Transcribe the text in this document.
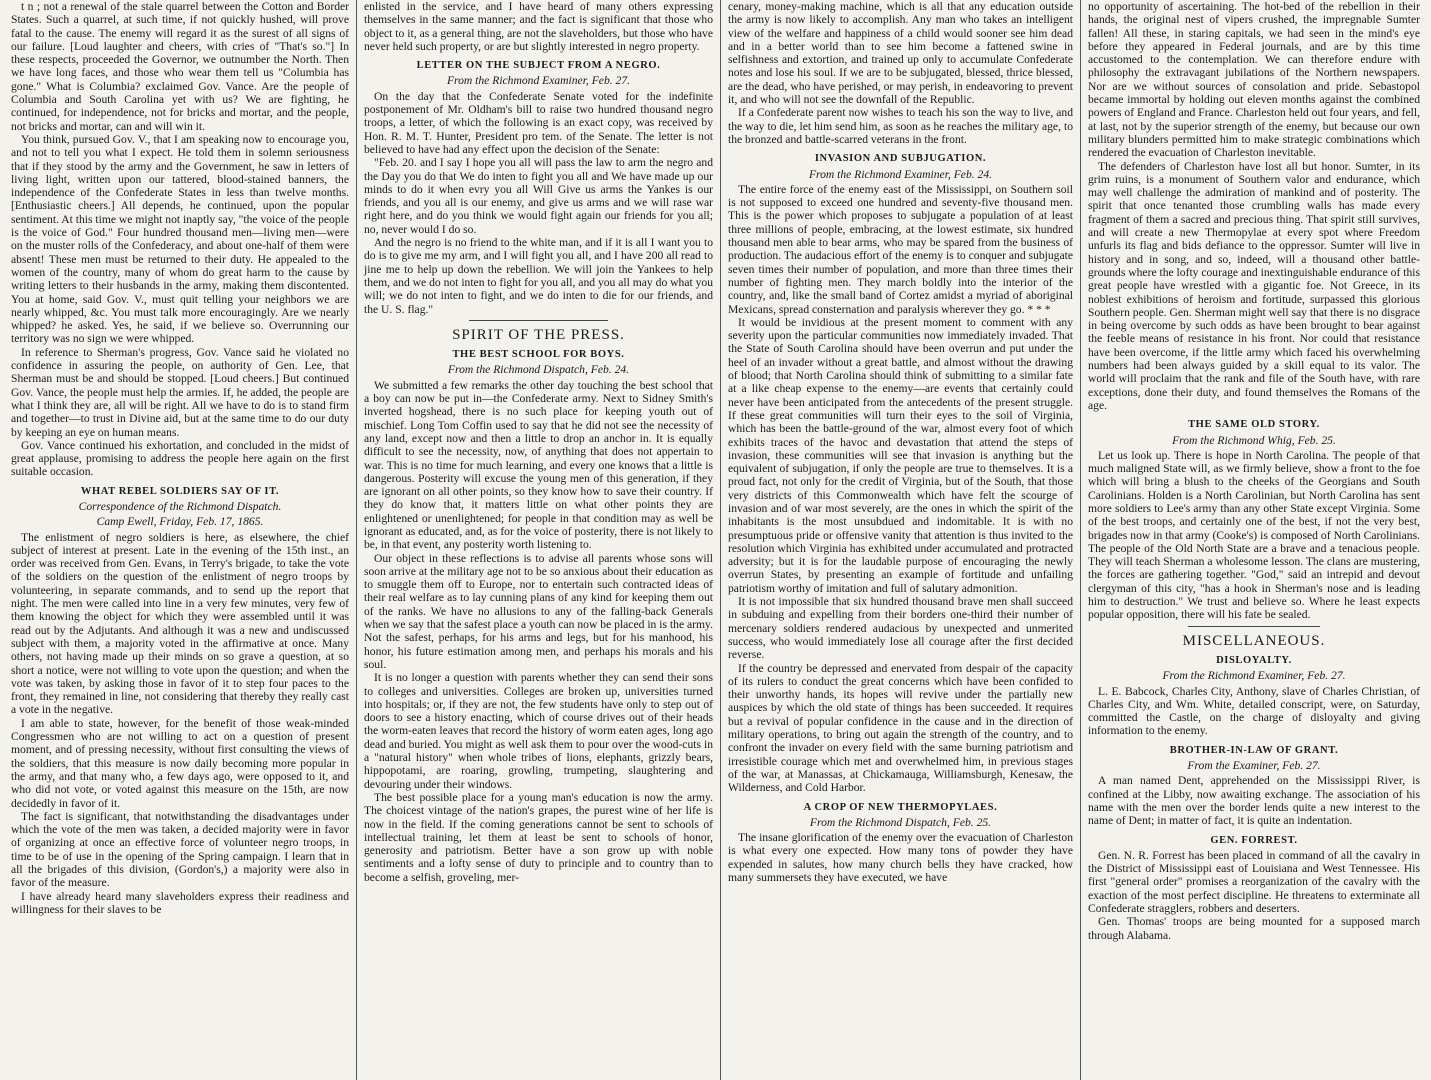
t n ; not a renewal of the stale quarrel between the Cotton and Border States. Such a quarrel, at such time, if not quickly hushed, will prove fatal to the cause. The enemy will regard it as the surest of all signs of our failure. [Loud laughter and cheers, with cries of "That's so."] In these respects, proceeded the Governor, we outnumber the North. Then we have long faces, and those who wear them tell us "Columbia has gone." What is Columbia? exclaimed Gov. Vance. Are the people of Columbia and South Carolina yet with us? We are fighting, he continued, for independence, not for bricks and mortar, and the people, not bricks and mortar, can and will win it.

You think, pursued Gov. V., that I am speaking now to encourage you, and not to tell you what I expect. He told them in solemn seriousness that if they stood by the army and the Government, he saw in letters of living light, written upon our tattered, blood-stained banners, the independence of the Confederate States in less than twelve months. [Enthusiastic cheers.] All depends, he continued, upon the popular sentiment. At this time we might not inaptly say, "the voice of the people is the voice of God." Four hundred thousand men—living men—were on the muster rolls of the Confederacy, and about one-half of them were absent! These men must be returned to their duty. He appealed to the women of the country, many of whom do great harm to the cause by writing letters to their husbands in the army, making them discontented. You at home, said Gov. V., must quit telling your neighbors we are nearly whipped, &c. You must talk more encouragingly. Are we nearly whipped? he asked. Yes, he said, if we believe so. Overrunning our territory was no sign we were whipped.

In reference to Sherman's progress, Gov. Vance said he violated no confidence in assuring the people, on authority of Gen. Lee, that Sherman must be and should be stopped. [Loud cheers.] But continued Gov. Vance, the people must help the armies. If, he added, the people are what I think they are, all will be right. All we have to do is to stand firm and together—to trust in Divine aid, but at the same time to do our duty by keeping an eye on human means.

Gov. Vance continued his exhortation, and concluded in the midst of great applause, promising to address the people here again on the first suitable occasion.

WHAT REBEL SOLDIERS SAY OF IT.
Correspondence of the Richmond Dispatch.
Camp Ewell, Friday, Feb. 17, 1865.

The enlistment of negro soldiers is here, as elsewhere, the chief subject of interest at present. Late in the evening of the 15th inst., an order was received from Gen. Evans, in Terry's brigade, to take the vote of the soldiers on the question of the enlistment of negro troops by volunteering, in separate commands, and to send up the report that night. The men were called into line in a very few minutes, very few of them knowing the object for which they were assembled until it was read out by the Adjutants. And although it was a new and undiscussed subject with them, a majority voted in the affirmative at once. Many others, not having made up their minds on so grave a question, at so short a notice, were not willing to vote upon the question; and when the vote was taken, by asking those in favor of it to step four paces to the front, they remained in line, not considering that thereby they really cast a vote in the negative.

I am able to state, however, for the benefit of those weak-minded Congressmen who are not willing to act on a question of present moment, and of pressing necessity, without first consulting the views of the soldiers, that this measure is now daily becoming more popular in the army, and that many who, a few days ago, were opposed to it, and who did not vote, or voted against this measure on the 15th, are now decidedly in favor of it.

The fact is significant, that notwithstanding the disadvantages under which the vote of the men was taken, a decided majority were in favor of organizing at once an effective force of volunteer negro troops, in time to be of use in the opening of the Spring campaign. I learn that in all the brigades of this division, (Gordon's,) a majority were also in favor of the measure.

I have already heard many slaveholders express their readiness and willingness for their slaves to be

enlisted in the service, and I have heard of many others expressing themselves in the same manner; and the fact is significant that those who object to it, as a general thing, are not the slaveholders, but those who have never held such property, or are but slightly interested in negro property.

LETTER ON THE SUBJECT FROM A NEGRO.
From the Richmond Examiner, Feb. 27.

On the day that the Confederate Senate voted for the indefinite postponement of Mr. Oldham's bill to raise two hundred thousand negro troops, a letter, of which the following is an exact copy, was received by Hon. R. M. T. Hunter, President pro tem. of the Senate. The letter is not believed to have had any effect upon the decision of the Senate:

"Feb. 20. and I say I hope you all will pass the law to arm the negro and the Day you do that We do inten to fight you all and We have made up our minds to do it when evry you all Will Give us arms the Yankes is our friends, and you all is our enemy, and give us arms and we will rase war right here, and do you think we would fight again our friends for you all; no, never would I do so.

And the negro is no friend to the white man, and if it is all I want you to do is to give me my arm, and I will fight you all, and I have 200 all read to jine me to help up down the rebellion. We will join the Yankees to help them, and we do not inten to fight for you all, and you all may do what you will; we do not inten to fight, and we do inten to die for our friends, and the U. S. flag."

SPIRIT OF THE PRESS.
THE BEST SCHOOL FOR BOYS.
From the Richmond Dispatch, Feb. 24.

We submitted a few remarks the other day touching the best school that a boy can now be put in—the Confederate army. Next to Sidney Smith's inverted hogshead, there is no such place for keeping youth out of mischief. Long Tom Coffin used to say that he did not see the necessity of any land, except now and then a little to drop an anchor in. It is equally difficult to see the necessity, now, of anything that does not appertain to war. This is no time for much learning, and every one knows that a little is dangerous. Posterity will excuse the young men of this generation, if they are ignorant on all other points, so they know how to save their country. If they do know that, it matters little on what other points they are enlightened or unenlightened; for people in that condition may as well be ignorant as educated, and, as for the voice of posterity, there is not likely to be, in that event, any posterity worth listening to.

Our object in these reflections is to advise all parents whose sons will soon arrive at the military age not to be so anxious about their education as to smuggle them off to Europe, nor to entertain such contracted ideas of their real welfare as to lay cunning plans of any kind for keeping them out of the ranks. We have no allusions to any of the falling-back Generals when we say that the safest place a youth can now be placed in is the army. Not the safest, perhaps, for his arms and legs, but for his manhood, his honor, his future estimation among men, and perhaps his morals and his soul.

It is no longer a question with parents whether they can send their sons to colleges and universities. Colleges are broken up, universities turned into hospitals; or, if they are not, the few students have only to step out of doors to see a history enacting, which of course drives out of their heads the worm-eaten leaves that record the history of worm eaten ages, long ago dead and buried. You might as well ask them to pour over the wood-cuts in a "natural history" when whole tribes of lions, elephants, grizzly bears, hippopotami, are roaring, growling, trumpeting, slaughtering and devouring under their windows.

The best possible place for a young man's education is now the army. The choicest vintage of the nation's grapes, the purest wine of her life is now in the field. If the coming generations cannot be sent to schools of intellectual training, let them at least be sent to schools of honor, generosity and patriotism. Better have a son grow up with noble sentiments and a lofty sense of duty to principle and to country than to become a selfish, groveling, mer-

cenary, money-making machine, which is all that any education outside the army is now likely to accomplish. Any man who takes an intelligent view of the welfare and happiness of a child would sooner see him dead and in a better world than to see him become a fattened swine in selfishness and extortion, and trained up only to accumulate Confederate notes and lose his soul. If we are to be subjugated, blessed, thrice blessed, are the dead, who have perished, or may perish, in endeavoring to prevent it, and who will not see the downfall of the Republic.

If a Confederate parent now wishes to teach his son the way to live, and the way to die, let him send him, as soon as he reaches the military age, to the bronzed and battle-scarred veterans in the front.

INVASION AND SUBJUGATION.
From the Richmond Examiner, Feb. 24.

The entire force of the enemy east of the Mississippi, on Southern soil is not supposed to exceed one hundred and seventy-five thousand men. This is the power which proposes to subjugate a population of at least three millions of people, embracing, at the lowest estimate, six hundred thousand men able to bear arms, who may be spared from the business of production. The audacious effort of the enemy is to conquer and subjugate seven times their number of population, and more than three times their number of fighting men. They march boldly into the interior of the country, and, like the small band of Cortez amidst a myriad of aboriginal Mexicans, spread consternation and paralysis wherever they go. * * *

It would be invidious at the present moment to comment with any severity upon the particular communities now immediately invaded. That the State of South Carolina should have been overrun and put under the heel of an invader without a great battle, and almost without the drawing of blood; that North Carolina should think of submitting to a similar fate at a like cheap expense to the enemy—are events that certainly could never have been anticipated from the antecedents of the present struggle. If these great communities will turn their eyes to the soil of Virginia, which has been the battle-ground of the war, almost every foot of which exhibits traces of the havoc and devastation that attend the steps of invasion, these communities will see that invasion is anything but the equivalent of subjugation, if only the people are true to themselves. It is a proud fact, not only for the credit of Virginia, but of the South, that those very districts of this Commonwealth which have felt the scourge of invasion and of war most severely, are the ones in which the spirit of the inhabitants is the most unsubdued and indomitable. It is with no presumptuous pride or offensive vanity that attention is thus invited to the resolution which Virginia has exhibited under accumulated and protracted adversity; but it is for the laudable purpose of encouraging the newly overrun States, by presenting an example of fortitude and unfailing patriotism worthy of imitation and full of salutary admonition.

It is not impossible that six hundred thousand brave men shall succeed in subduing and expelling from their borders one-third their number of mercenary soldiers rendered audacious by unexpected and unmerited success, who would immediately lose all courage after the first decided reverse.

If the country be depressed and enervated from despair of the capacity of its rulers to conduct the great concerns which have been confided to their unworthy hands, its hopes will revive under the partially new auspices by which the old state of things has been succeeded. It requires but a revival of popular confidence in the cause and in the direction of military operations, to bring out again the strength of the country, and to confront the invader on every field with the same burning patriotism and irresistible courage which met and overwhelmed him, in previous stages of the war, at Manassas, at Chickamauga, Williamsburgh, Kenesaw, the Wilderness, and Cold Harbor.

A CROP OF NEW THERMOPYLAES.
From the Richmond Dispatch, Feb. 25.

The insane glorification of the enemy over the evacuation of Charleston is what every one expected. How many tons of powder they have expended in salutes, how many church bells they have cracked, how many summersets they have executed, we have

no opportunity of ascertaining. The hot-bed of the rebellion in their hands, the original nest of vipers crushed, the impregnable Sumter fallen! All these, in staring capitals, we had seen in the mind's eye before they appeared in Federal journals, and are by this time accustomed to the contemplation. We can therefore endure with philosophy the extravagant jubilations of the Northern newspapers. Nor are we without sources of consolation and pride. Sebastopol became immortal by holding out eleven months against the combined powers of England and France. Charleston held out four years, and fell, at last, not by the superior strength of the enemy, but because our own military blunders permitted him to make strategic combinations which rendered the evacuation of Charleston inevitable.

The defenders of Charleston have lost all but honor. Sumter, in its grim ruins, is a monument of Southern valor and endurance, which may well challenge the admiration of mankind and of posterity. The spirit that once tenanted those crumbling walls has made every fragment of them a sacred and precious thing. That spirit still survives, and will create a new Thermopylae at every spot where Freedom unfurls its flag and bids defiance to the oppressor. Sumter will live in history and in song, and so, indeed, will a thousand other battle-grounds where the lofty courage and inextinguishable endurance of this great people have wrestled with a gigantic foe. Not Greece, in its noblest exhibitions of heroism and fortitude, surpassed this glorious Southern people. Gen. Sherman might well say that there is no disgrace in being overcome by such odds as have been brought to bear against the feeble means of resistance in his front. Nor could that resistance have been overcome, if the little army which faced his overwhelming numbers had been always guided by a skill equal to its valor. The world will proclaim that the rank and file of the South have, with rare exceptions, done their duty, and found themselves the Romans of the age.

THE SAME OLD STORY.
From the Richmond Whig, Feb. 25.

Let us look up. There is hope in North Carolina. The people of that much maligned State will, as we firmly believe, show a front to the foe which will bring a blush to the cheeks of the Georgians and South Carolinians. Holden is a North Carolinian, but North Carolina has sent more soldiers to Lee's army than any other State except Virginia. Some of the best troops, and certainly one of the best, if not the very best, brigades now in that army (Cooke's) is composed of North Carolinians. The people of the Old North State are a brave and a tenacious people. They will teach Sherman a wholesome lesson. The clans are mustering, the forces are gathering together. "God," said an intrepid and devout clergyman of this city, "has a hook in Sherman's nose and is leading him to destruction." We trust and believe so. Where he least expects popular opposition, there will his fate be sealed.

MISCELLANEOUS.
DISLOYALTY.
From the Richmond Examiner, Feb. 27.

L. E. Babcock, Charles City, Anthony, slave of Charles Christian, of Charles City, and Wm. White, detailed conscript, were, on Saturday, committed the Castle, on the charge of disloyalty and giving information to the enemy.

BROTHER-IN-LAW OF GRANT.
From the Examiner, Feb. 27.

A man named Dent, apprehended on the Mississippi River, is confined at the Libby, now awaiting exchange. The association of his name with the men over the border lends quite a new interest to the name of Dent; in matter of fact, it is quite an indentation.

GEN. FORREST.

Gen. N. R. Forrest has been placed in command of all the cavalry in the District of Mississippi east of Louisiana and West Tennessee. His first "general order" promises a reorganization of the cavalry with the exaction of the most perfect discipline. He threatens to exterminate all Confederate stragglers, robbers and deserters.

Gen. Thomas' troops are being mounted for a supposed march through Alabama.
